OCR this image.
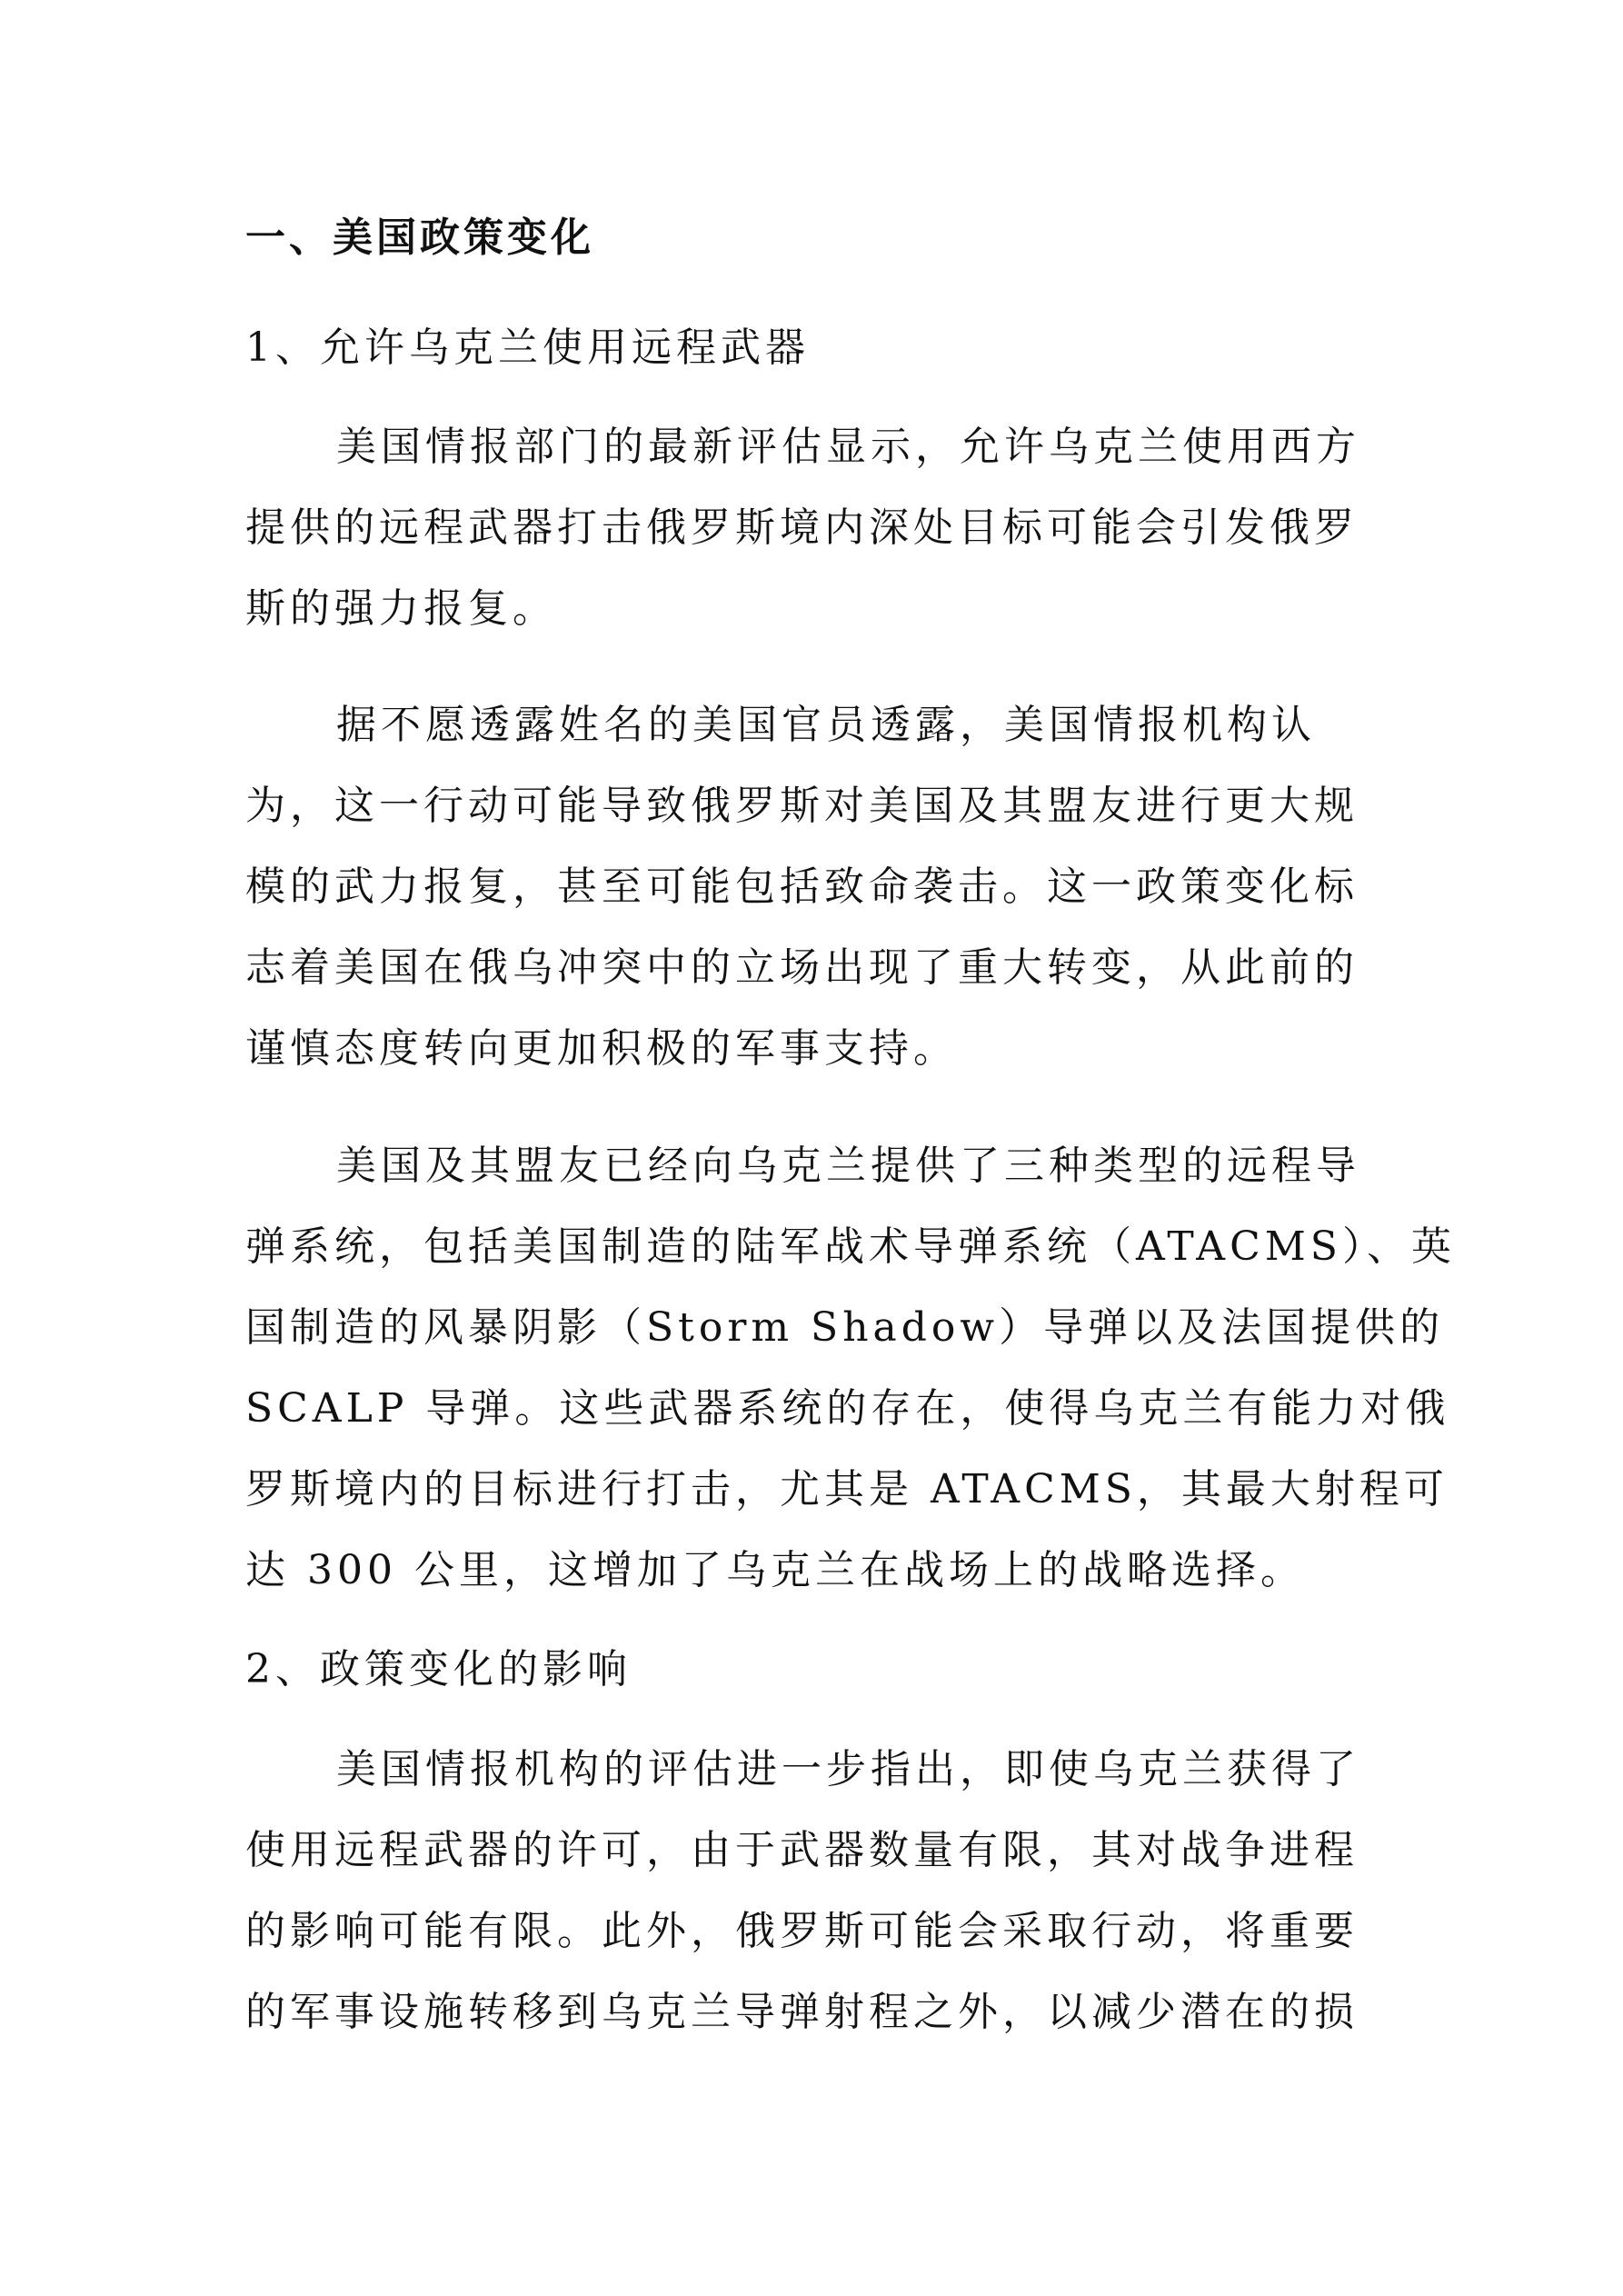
一、美国政策变化
1、允许乌克兰使用远程武器
美国情报部门的最新评估显示，允许乌克兰使用西方
提供的远程武器打击俄罗斯境内深处目标可能会引发俄罗
斯的强力报复。
据不愿透露姓名的美国官员透露，美国情报机构认
为，这一行动可能导致俄罗斯对美国及其盟友进行更大规
模的武力报复，甚至可能包括致命袭击。这一政策变化标
志着美国在俄乌冲突中的立场出现了重大转变，从此前的
谨慎态度转向更加积极的军事支持。
美国及其盟友已经向乌克兰提供了三种类型的远程导
弹系统，包括美国制造的陆军战术导弹系统（ATACMS）、英
国制造的风暴阴影（Storm Shadow）导弹以及法国提供的
SCALP 导弹。这些武器系统的存在，使得乌克兰有能力对俄
罗斯境内的目标进行打击，尤其是 ATACMS，其最大射程可
达 300 公里，这增加了乌克兰在战场上的战略选择。
2、政策变化的影响
美国情报机构的评估进一步指出，即使乌克兰获得了
使用远程武器的许可，由于武器数量有限，其对战争进程
的影响可能有限。此外，俄罗斯可能会采取行动，将重要
的军事设施转移到乌克兰导弹射程之外，以减少潜在的损
